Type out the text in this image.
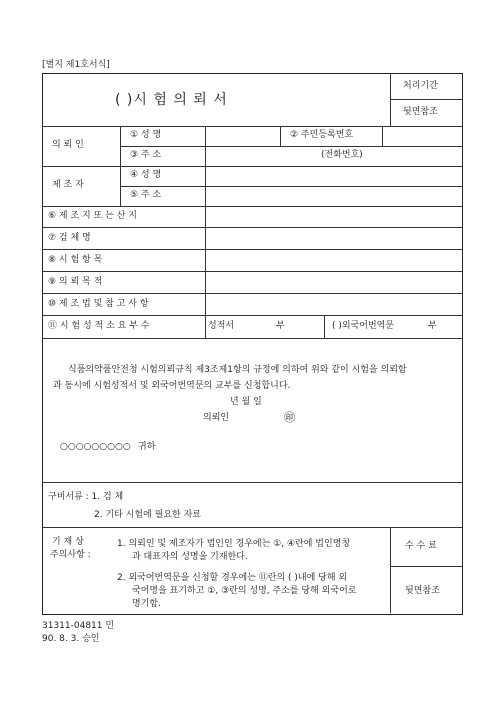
[별지 제1호서식]
( )시 험 의 뢰 서
처리기간
뒷면참조
의 뢰 인
① 성 명	② 주민등록번호
③ 주 소	(전화번호)
제 조 자
④ 성 명
⑤ 주 소
⑥ 제 조 지 또 는 산 지
⑦ 검 체 명
⑧ 시 험 항 목
⑨ 의 뢰 목 적
⑩ 제 조 법 및 참 고 사 항
⑪ 시 험 성 적 소 요 부 수	성적서	부	( )외국어번역문	부
식품의약품안전청 시험의뢰규칙 제3조제1항의 규정에 의하여 위와 같이 시험을 의뢰함
과 동시에 시험성적서 및 외국어번역문의 교부를 신청합니다.
년 월 일
의뢰인	㊞
○○○○○○○○○ 귀하
구비서류 : 1. 검 체
2. 기타 시험에 필요한 자료
기 재 상
주의사항 :
1. 의뢰인 및 제조자가 법인인 경우에는 ①, ④란에 법인명칭
과 대표자의 성명을 기재한다.
2. 외국어번역문을 신청할 경우에는 ⑪란의 ( )내에 당해 외
국어명을 표기하고 ①, ③란의 성명, 주소를 당해 외국어로
명기함.
수 수 료
뒷면참조
31311-04811 민
90. 8. 3. 승인
